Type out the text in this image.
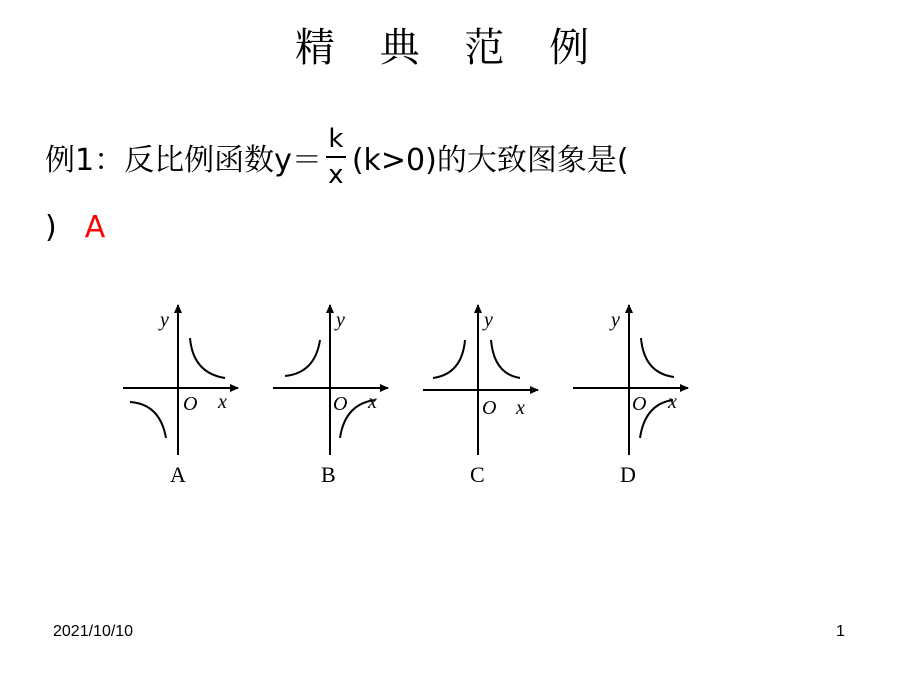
精 典 范 例
例1：反比例函数$y= \frac{k}{x} (k>0)$的大致图象是(
) A
y
x
O
A
y
x
O
B
y
x
O
C
y
x
O
D
2021/10/10	1
